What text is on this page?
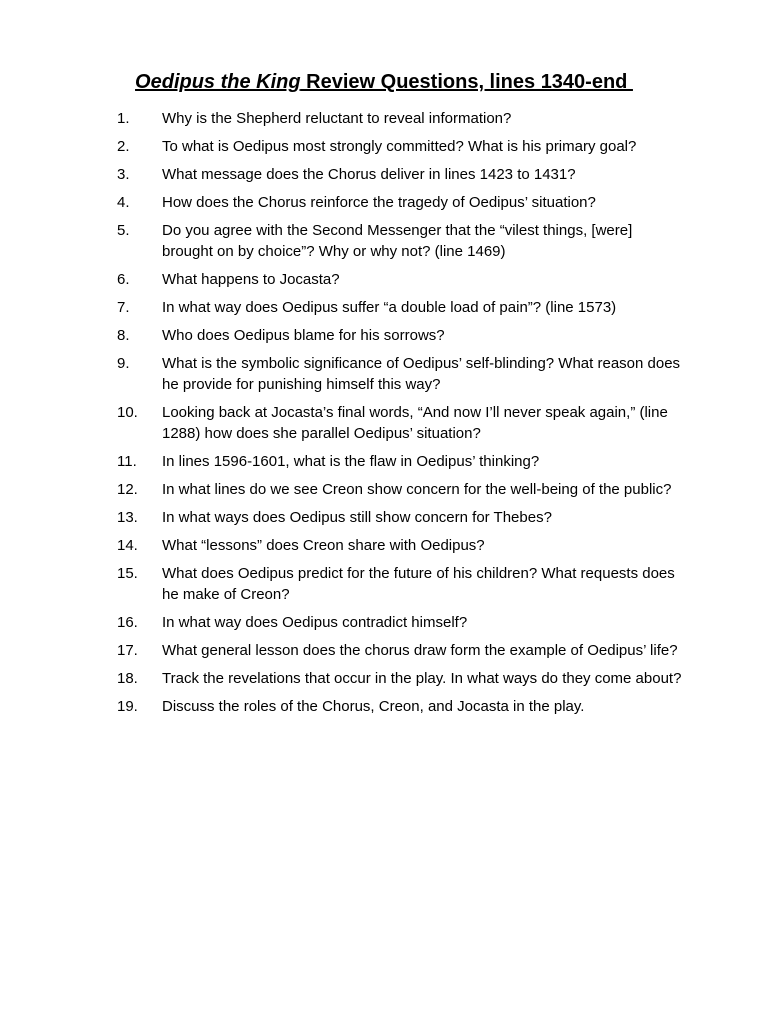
Oedipus the King Review Questions, lines 1340-end
1.	Why is the Shepherd reluctant to reveal information?
2.	To what is Oedipus most strongly committed? What is his primary goal?
3.	What message does the Chorus deliver in lines 1423 to 1431?
4.	How does the Chorus reinforce the tragedy of Oedipus’ situation?
5.	Do you agree with the Second Messenger that the “vilest things, [were] brought on by choice”? Why or why not? (line 1469)
6.	What happens to Jocasta?
7.	In what way does Oedipus suffer “a double load of pain”? (line 1573)
8.	Who does Oedipus blame for his sorrows?
9.	What is the symbolic significance of Oedipus’ self-blinding? What reason does he provide for punishing himself this way?
10.	Looking back at Jocasta’s final words, “And now I’ll never speak again,” (line 1288) how does she parallel Oedipus’ situation?
11.	In lines 1596-1601, what is the flaw in Oedipus’ thinking?
12.	In what lines do we see Creon show concern for the well-being of the public?
13.	In what ways does Oedipus still show concern for Thebes?
14.	What “lessons” does Creon share with Oedipus?
15.	What does Oedipus predict for the future of his children? What requests does he make of Creon?
16.	In what way does Oedipus contradict himself?
17.	What general lesson does the chorus draw form the example of Oedipus’ life?
18.	Track the revelations that occur in the play. In what ways do they come about?
19.	Discuss the roles of the Chorus, Creon, and Jocasta in the play.
